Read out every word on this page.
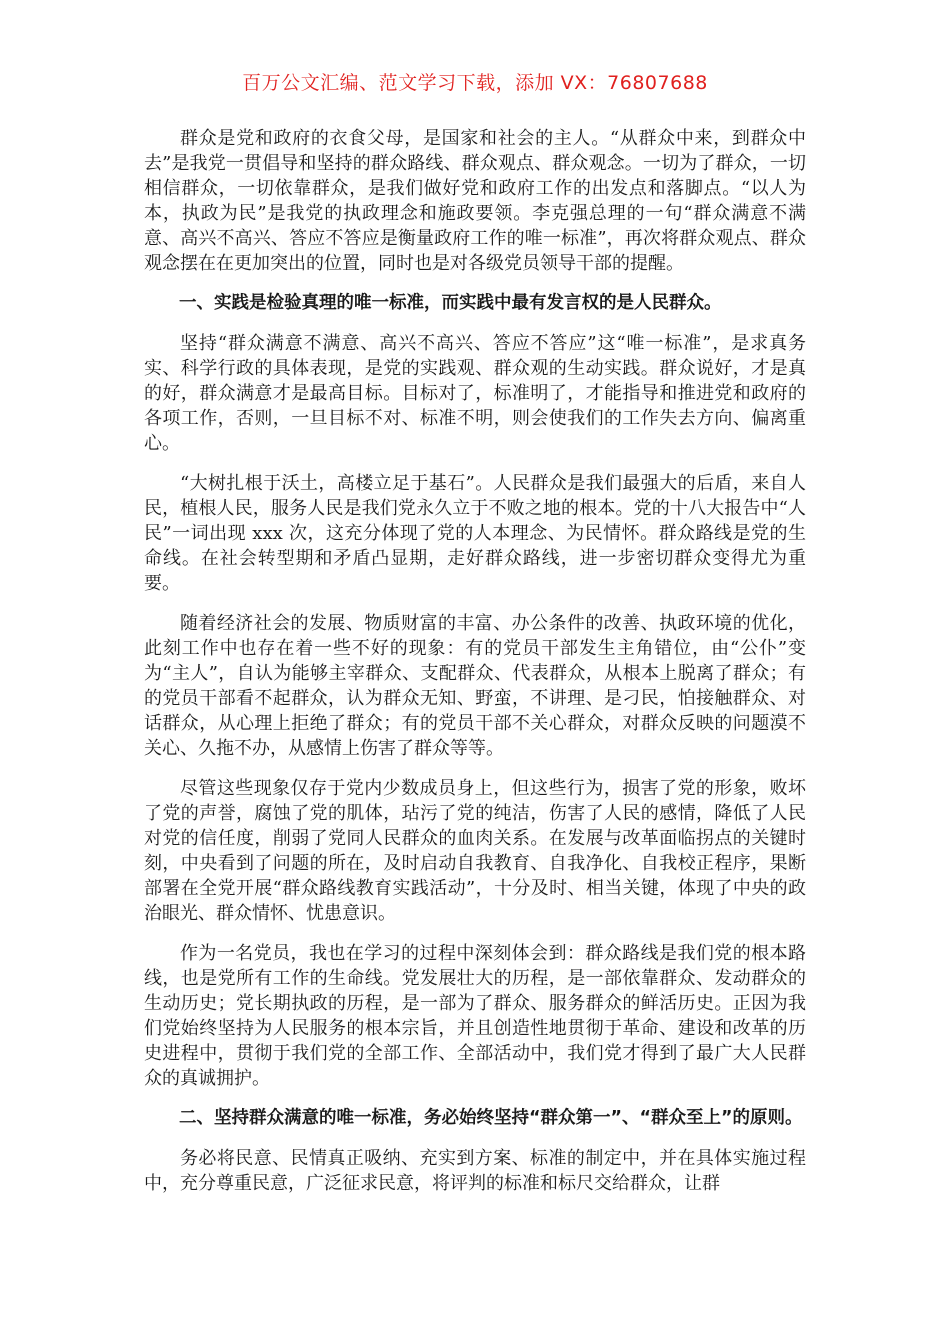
百万公文汇编、范文学习下载，添加 VX：76807688

群众是党和政府的衣食父母，是国家和社会的主人。“从群众中来，到群众中去”是我党一贯倡导和坚持的群众路线、群众观点、群众观念。一切为了群众，一切相信群众，一切依靠群众，是我们做好党和政府工作的出发点和落脚点。“以人为本，执政为民”是我党的执政理念和施政要领。李克强总理的一句“群众满意不满意、高兴不高兴、答应不答应是衡量政府工作的唯一标准”，再次将群众观点、群众观念摆在在更加突出的位置，同时也是对各级党员领导干部的提醒。

一、实践是检验真理的唯一标准，而实践中最有发言权的是人民群众。

坚持“群众满意不满意、高兴不高兴、答应不答应”这“唯一标准”，是求真务实、科学行政的具体表现，是党的实践观、群众观的生动实践。群众说好，才是真的好，群众满意才是最高目标。目标对了，标准明了，才能指导和推进党和政府的各项工作，否则，一旦目标不对、标准不明，则会使我们的工作失去方向、偏离重心。

“大树扎根于沃土，高楼立足于基石”。人民群众是我们最强大的后盾，来自人民，植根人民，服务人民是我们党永久立于不败之地的根本。党的十八大报告中“人民”一词出现 xxx 次，这充分体现了党的人本理念、为民情怀。群众路线是党的生命线。在社会转型期和矛盾凸显期，走好群众路线，进一步密切群众变得尤为重要。

随着经济社会的发展、物质财富的丰富、办公条件的改善、执政环境的优化，此刻工作中也存在着一些不好的现象：有的党员干部发生主角错位，由“公仆”变为“主人”，自认为能够主宰群众、支配群众、代表群众，从根本上脱离了群众；有的党员干部看不起群众，认为群众无知、野蛮，不讲理、是刁民，怕接触群众、对话群众，从心理上拒绝了群众；有的党员干部不关心群众，对群众反映的问题漠不关心、久拖不办，从感情上伤害了群众等等。

尽管这些现象仅存于党内少数成员身上，但这些行为，损害了党的形象，败坏了党的声誉，腐蚀了党的肌体，玷污了党的纯洁，伤害了人民的感情，降低了人民对党的信任度，削弱了党同人民群众的血肉关系。在发展与改革面临拐点的关键时刻，中央看到了问题的所在，及时启动自我教育、自我净化、自我校正程序，果断部署在全党开展“群众路线教育实践活动”，十分及时、相当关键，体现了中央的政治眼光、群众情怀、忧患意识。

作为一名党员，我也在学习的过程中深刻体会到：群众路线是我们党的根本路线，也是党所有工作的生命线。党发展壮大的历程，是一部依靠群众、发动群众的生动历史；党长期执政的历程，是一部为了群众、服务群众的鲜活历史。正因为我们党始终坚持为人民服务的根本宗旨，并且创造性地贯彻于革命、建设和改革的历史进程中，贯彻于我们党的全部工作、全部活动中，我们党才得到了最广大人民群众的真诚拥护。

二、坚持群众满意的唯一标准，务必始终坚持“群众第一”、“群众至上”的原则。

务必将民意、民情真正吸纳、充实到方案、标准的制定中，并在具体实施过程中，充分尊重民意，广泛征求民意，将评判的标准和标尺交给群众，让群
